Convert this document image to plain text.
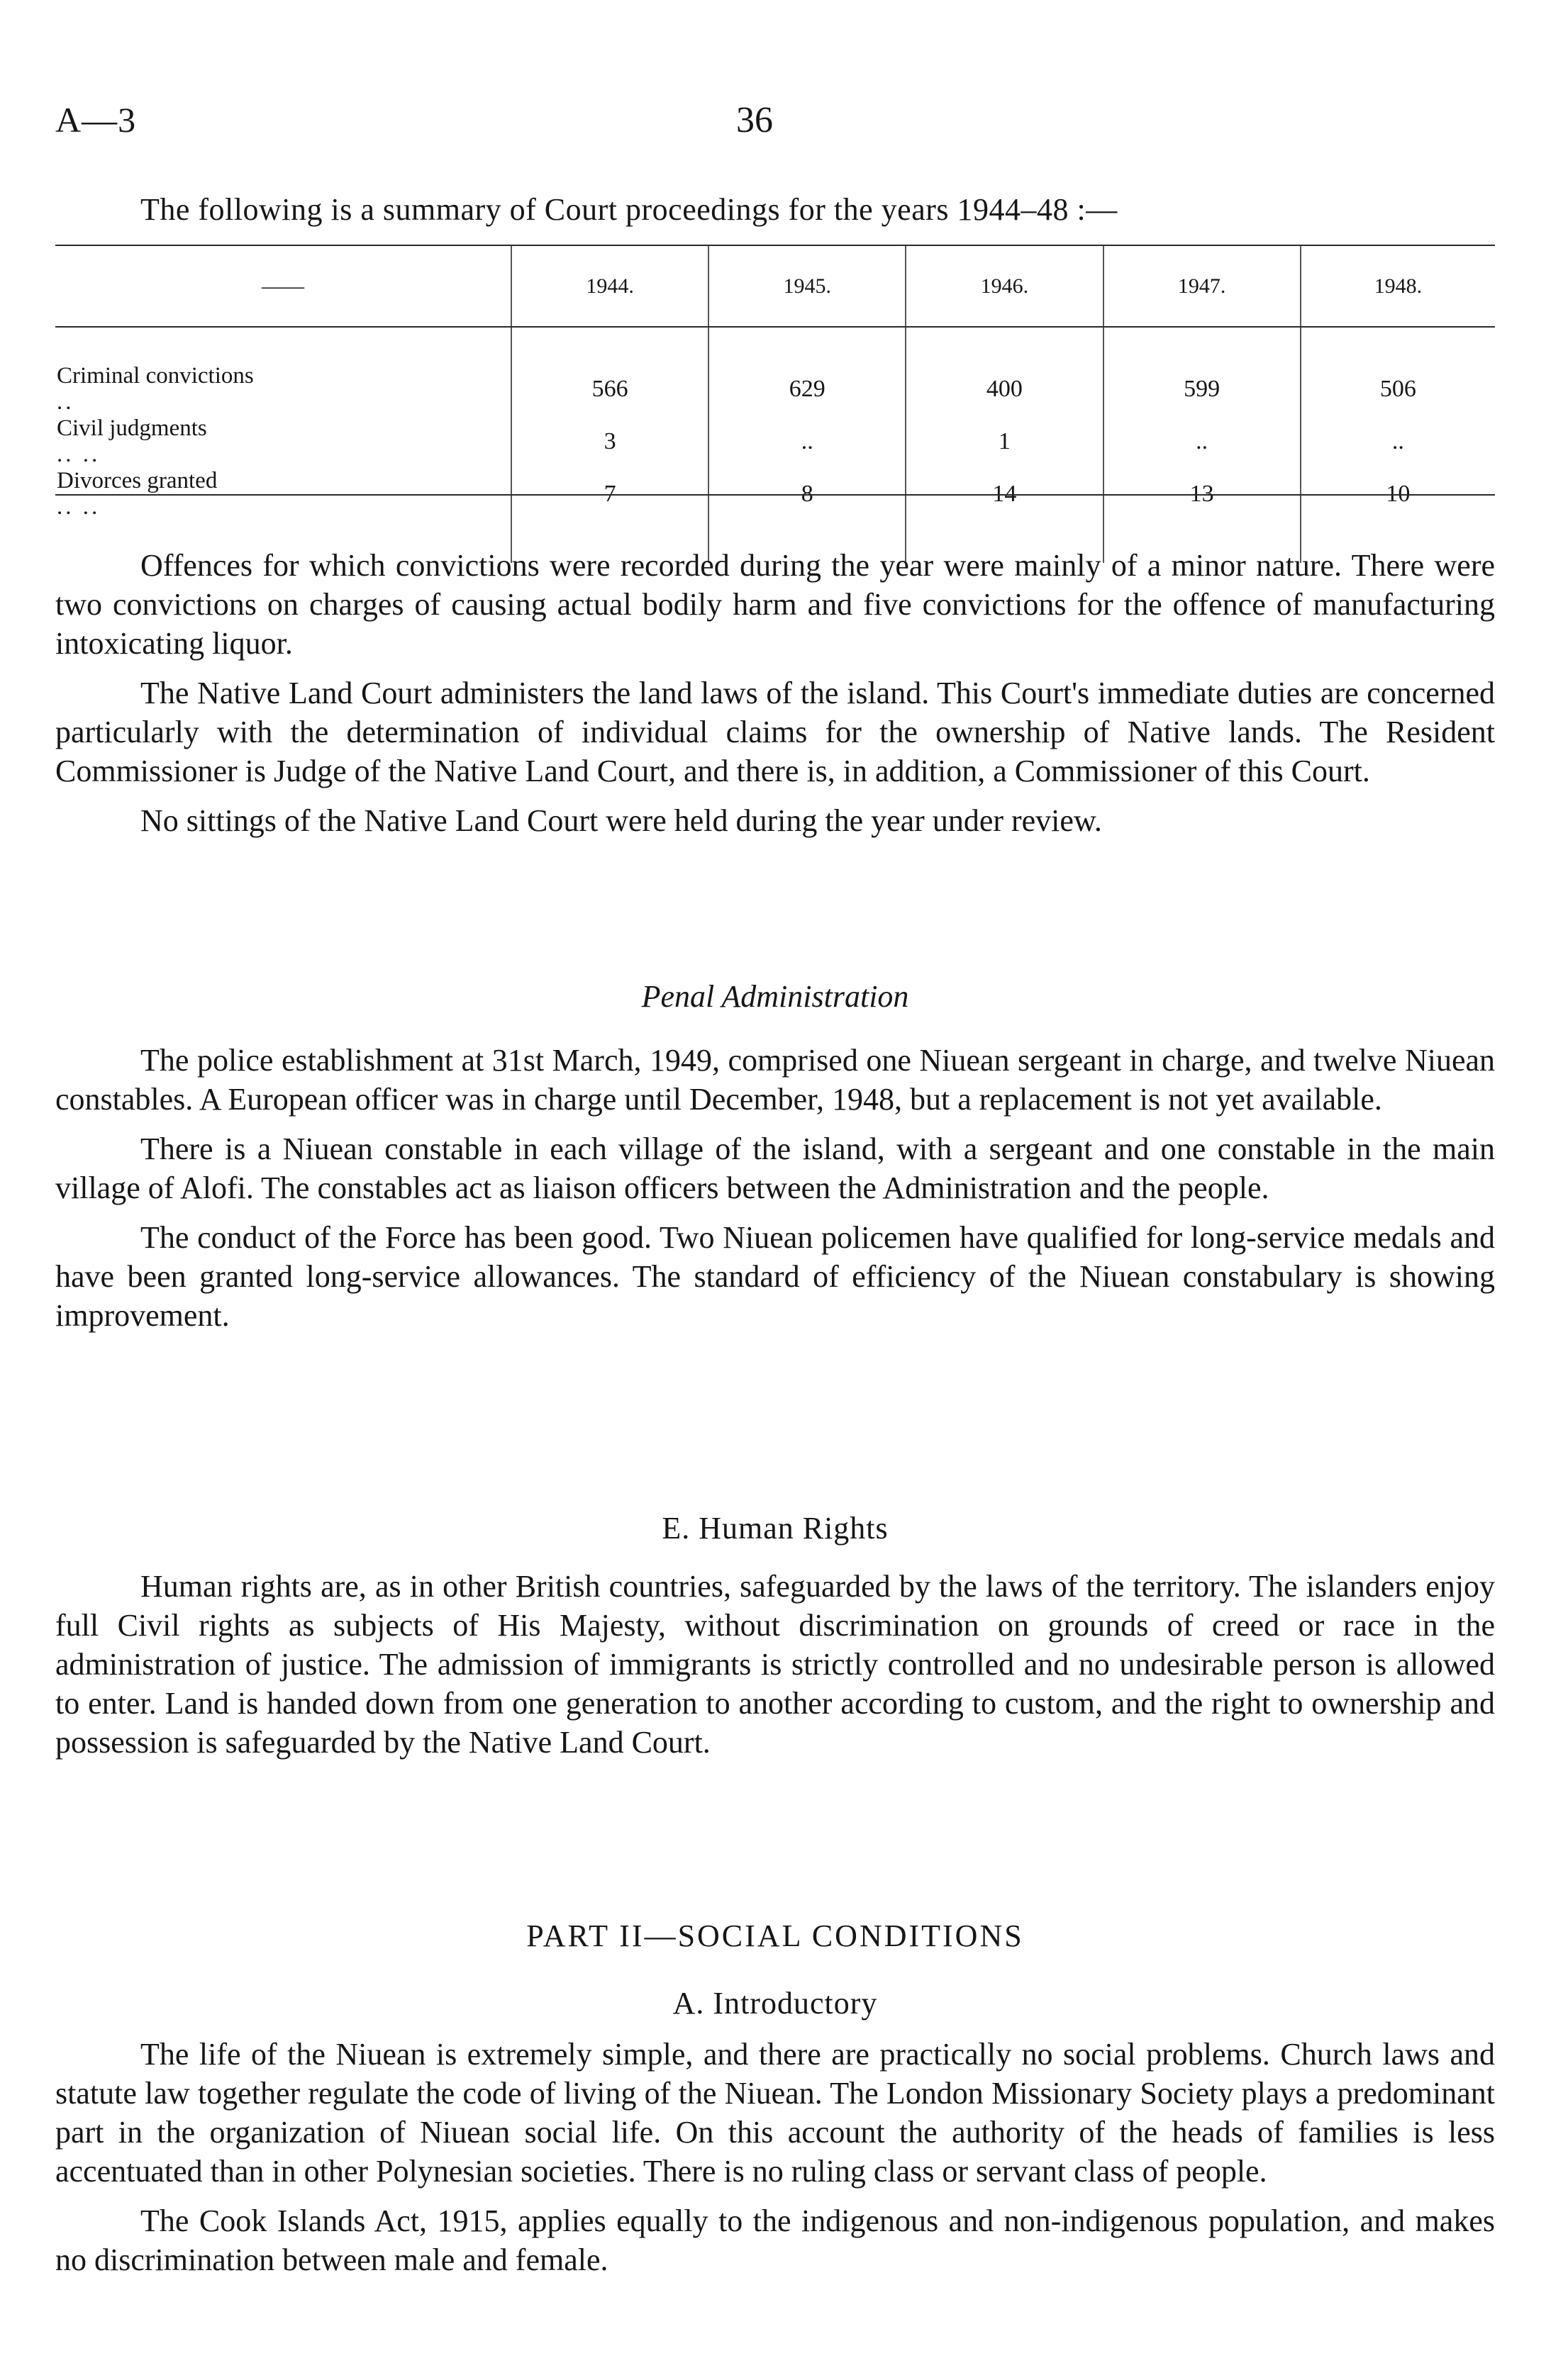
A—3	36
The following is a summary of Court proceedings for the years 1944–48 :—
——	1944.	1945.	1946.	1947.	1948.
Criminal convictions..	566	629	400	599	506
Civil judgments.. ..	3	..	1	..	..
Divorces granted.. ..	7	8	14	13	10

Offences for which convictions were recorded during the year were mainly of a minor nature. There were two convictions on charges of causing actual bodily harm and five convictions for the offence of manufacturing intoxicating liquor.

The Native Land Court administers the land laws of the island. This Court's immediate duties are concerned particularly with the determination of individual claims for the ownership of Native lands. The Resident Commissioner is Judge of the Native Land Court, and there is, in addition, a Commissioner of this Court.

No sittings of the Native Land Court were held during the year under review.

Penal Administration

The police establishment at 31st March, 1949, comprised one Niuean sergeant in charge, and twelve Niuean constables. A European officer was in charge until December, 1948, but a replacement is not yet available.

There is a Niuean constable in each village of the island, with a sergeant and one constable in the main village of Alofi. The constables act as liaison officers between the Administration and the people.

The conduct of the Force has been good. Two Niuean policemen have qualified for long-service medals and have been granted long-service allowances. The standard of efficiency of the Niuean constabulary is showing improvement.

E. Human Rights

Human rights are, as in other British countries, safeguarded by the laws of the territory. The islanders enjoy full Civil rights as subjects of His Majesty, without discrimination on grounds of creed or race in the administration of justice. The admission of immigrants is strictly controlled and no undesirable person is allowed to enter. Land is handed down from one generation to another according to custom, and the right to ownership and possession is safeguarded by the Native Land Court.

PART II—SOCIAL CONDITIONS
A. Introductory

The life of the Niuean is extremely simple, and there are practically no social problems. Church laws and statute law together regulate the code of living of the Niuean. The London Missionary Society plays a predominant part in the organization of Niuean social life. On this account the authority of the heads of families is less accentuated than in other Polynesian societies. There is no ruling class or servant class of people.

The Cook Islands Act, 1915, applies equally to the indigenous and non-indigenous population, and makes no discrimination between male and female.
